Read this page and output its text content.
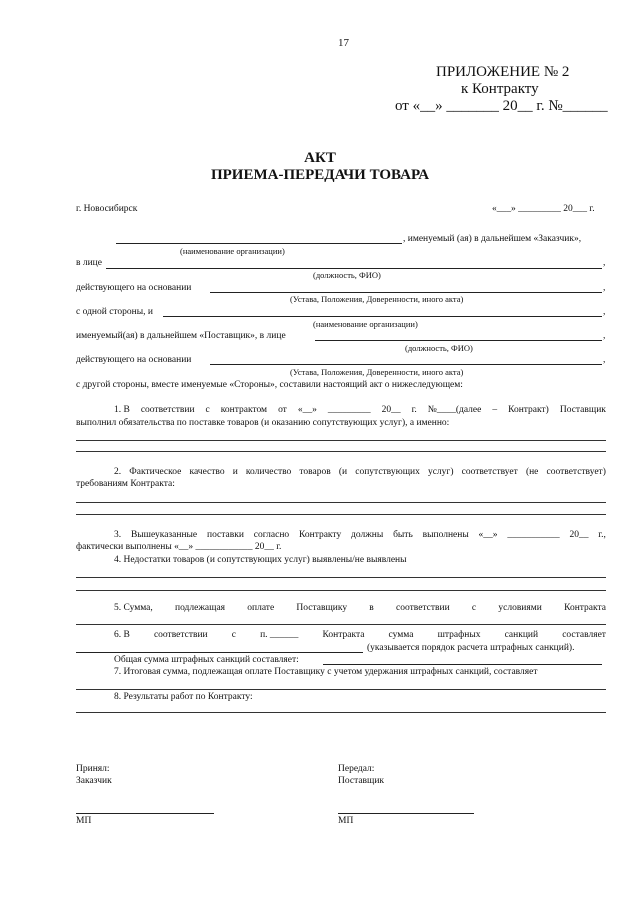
17
ПРИЛОЖЕНИЕ № 2
к Контракту
от «__» _______ 20__ г. №______
АКТ
ПРИЕМА-ПЕРЕДАЧИ ТОВАРА
г. Новосибирск	«___» _________ 20___ г.
, именуемый (ая) в дальнейшем «Заказчик»,
(наименование организации)
в лице	,
(должность, ФИО)
действующего на основании	,
(Устава, Положения, Доверенности, иного акта)
с одной стороны, и	,
(наименование организации)
именуемый(ая) в дальнейшем «Поставщик», в лице	,
(должность, ФИО)
действующего на основании	,
(Устава, Положения, Доверенности, иного акта)
с другой стороны, вместе именуемые «Стороны», составили настоящий акт о нижеследующем:
1. В соответствии с контрактом от «__» _________ 20__ г. №____(далее – Контракт) Поставщик
выполнил обязательства по поставке товаров (и оказанию сопутствующих услуг), а именно:
2. Фактическое качество и количество товаров (и сопутствующих услуг) соответствует (не соответствует)
требованиям Контракта:
3. Вышеуказанные поставки согласно Контракту должны быть выполнены «__» ___________ 20__ г.,
фактически выполнены «__» ____________ 20__ г.
4. Недостатки товаров (и сопутствующих услуг) выявлены/не выявлены
5. Сумма, подлежащая оплате Поставщику в соответствии с условиями Контракта
6. В	соответствии	с	п. ______	Контракта	сумма	штрафных	санкций	составляет
(указывается порядок расчета штрафных санкций).
Общая сумма штрафных санкций составляет:
7. Итоговая сумма, подлежащая оплате Поставщику с учетом удержания штрафных санкций, составляет
8. Результаты работ по Контракту:
Принял:
Заказчик
МП
Передал:
Поставщик
МП
